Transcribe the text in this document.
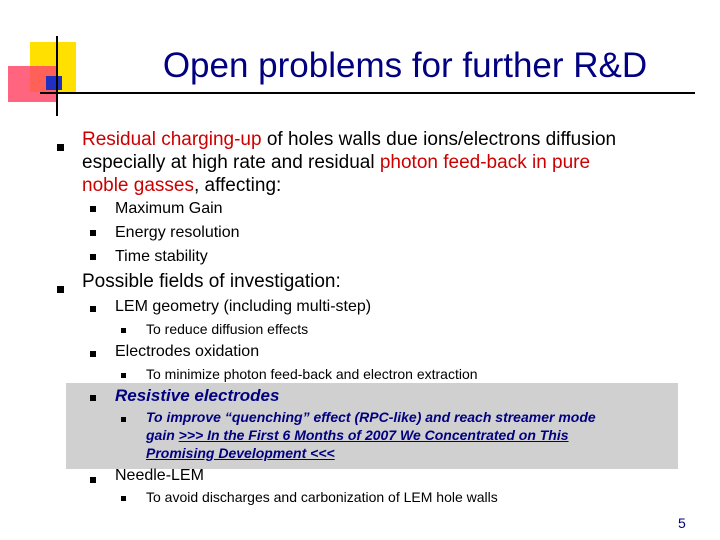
Open problems for further R&D
Residual charging-up of holes walls due ions/electrons diffusion
especially at high rate and residual photon feed-back in pure
noble gasses, affecting:
Maximum Gain
Energy resolution
Time stability
Possible fields of investigation:
LEM geometry (including multi-step)
To reduce diffusion effects
Electrodes oxidation
To minimize photon feed-back and electron extraction
Resistive electrodes
To improve “quenching” effect (RPC-like) and reach streamer mode
gain >>> In the First 6 Months of 2007 We Concentrated on This
Promising Development <<<
Needle-LEM
To avoid discharges and carbonization of LEM hole walls
5
